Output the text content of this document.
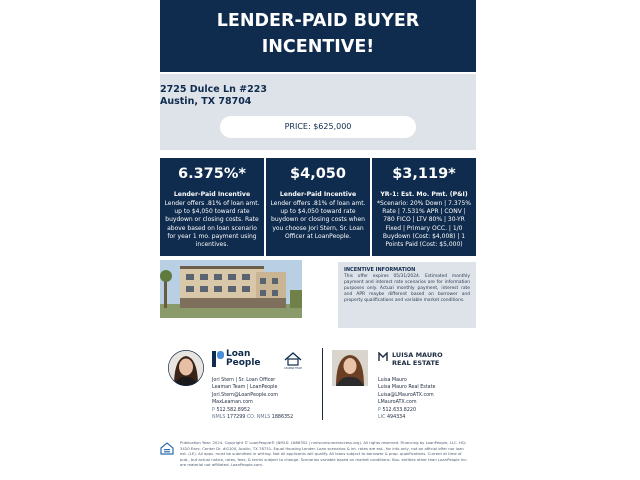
LENDER-PAID BUYER
INCENTIVE!
2725 Dulce Ln #223
Austin, TX 78704
PRICE: $625,000
6.375%*
Lender-Paid Incentive
Lender offers .81% of loan amt. up to $4,050 toward rate buydown or closing costs. Rate above based on loan scenario for year 1 mo. payment using incentives.
$4,050
Lender-Paid Incentive
Lender offers .81% of loan amt. up to $4,050 toward rate buydown or closing costs when you choose Jori Stern, Sr. Loan Officer at LoanPeople.
$3,119*
YR-1: Est. Mo. Pmt. (P&I)
*Scenario: 20% Down | 7.375% Rate | 7.531% APR | CONV | 780 FICO | LTV 80% | 30-YR Fixed | Primary OCC. | 1/0 Buydown (Cost: $4,008) | 1 Points Paid (Cost: $5,000)
INCENTIVE INFORMATION
This offer expires 05/31/2024. Estimated monthly payment and interest rate scenarios are for information purposes only. Actual monthly payment, interest rate and APR maybe different based on borrower and property qualifications and variable market conditions.
Loan
People
LEAMAN TEAM
Jori Stern | Sr. Loan Officer
Leaman Team | LoanPeople
Jori.Stern@LoanPeople.com
MaxLeaman.com
P 512.582.8952
NMLS 177299 CO. NMLS 1886352
LUISA MAURO
REAL ESTATE
Luisa Mauro
Luisa Mauro Real Estate
Luisa@LMauroATX.com
LMauroATX.com
P 512.633.8220
LIC 494334
Publication Year: 2024. Copyright © LoanPeople® (NMLS: 1886352 | nmlsconsumeraccess.org). All rights reserved. Financing by LoanPeople, LLC. HQ: 3420 Exec. Center Dr. #G100, Austin, TX 78731. Equal Housing Lender. Loan scenarios & int. rates are est., for info only, not an official offer nor loan est. (LE). All apps. must be submitted in writing. Not all applicants will qualify. All loans subject to borrower & prop. qualifications. Current at time of pub., but actual notice, rates, fees, & terms subject to change. Scenarios variable based on market conditions. Bus. entities other than LoanPeople Inc. are material not affiliated. LoanPeople.com.
